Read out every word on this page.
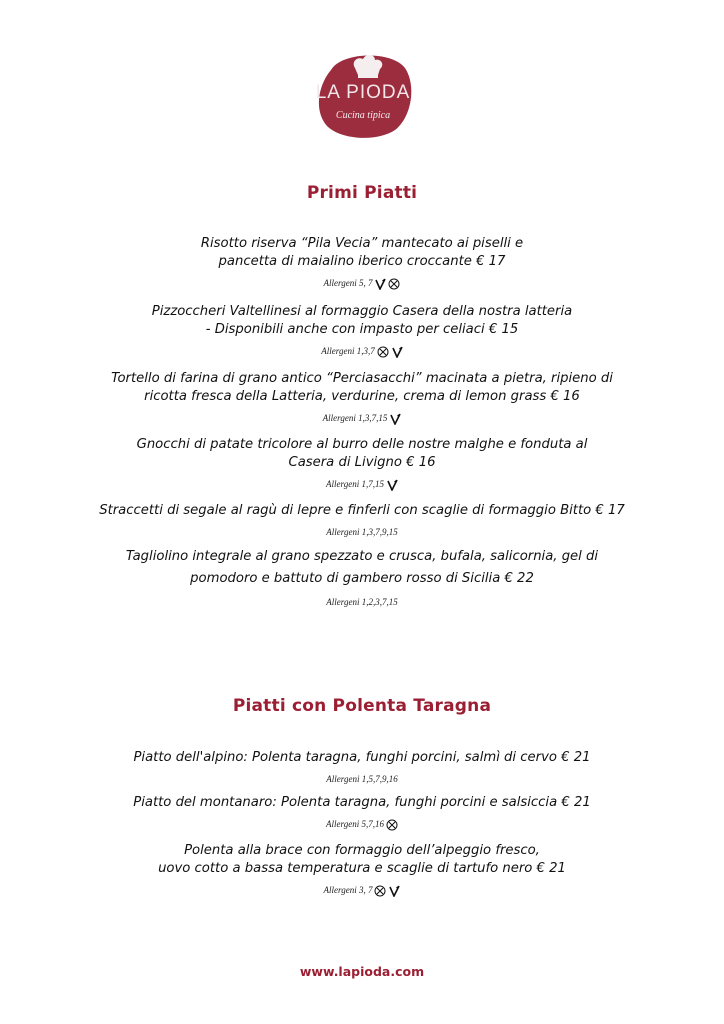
LA PIODA
Cucina tipica
Primi Piatti
Risotto riserva “Pila Vecia” mantecato ai piselli e
pancetta di maialino iberico croccante € 17
Allergeni 5, 7
Pizzoccheri Valtellinesi al formaggio Casera della nostra latteria
- Disponibili anche con impasto per celiaci € 15
Allergeni 1,3,7
Tortello di farina di grano antico “Perciasacchi” macinata a pietra, ripieno di
ricotta fresca della Latteria, verdurine, crema di lemon grass € 16
Allergeni 1,3,7,15
Gnocchi di patate tricolore al burro delle nostre malghe e fonduta al
Casera di Livigno € 16
Allergeni 1,7,15
Straccetti di segale al ragù di lepre e finferli con scaglie di formaggio Bitto € 17
Allergeni 1,3,7,9,15
Tagliolino integrale al grano spezzato e crusca, bufala, salicornia, gel di
pomodoro e battuto di gambero rosso di Sicilia € 22
Allergeni 1,2,3,7,15
Piatti con Polenta Taragna
Piatto dell'alpino: Polenta taragna, funghi porcini, salmì di cervo € 21
Allergeni 1,5,7,9,16
Piatto del montanaro: Polenta taragna, funghi porcini e salsiccia € 21
Allergeni 5,7,16
Polenta alla brace con formaggio dell’alpeggio fresco,
uovo cotto a bassa temperatura e scaglie di tartufo nero € 21
Allergeni 3, 7
www.lapioda.com
